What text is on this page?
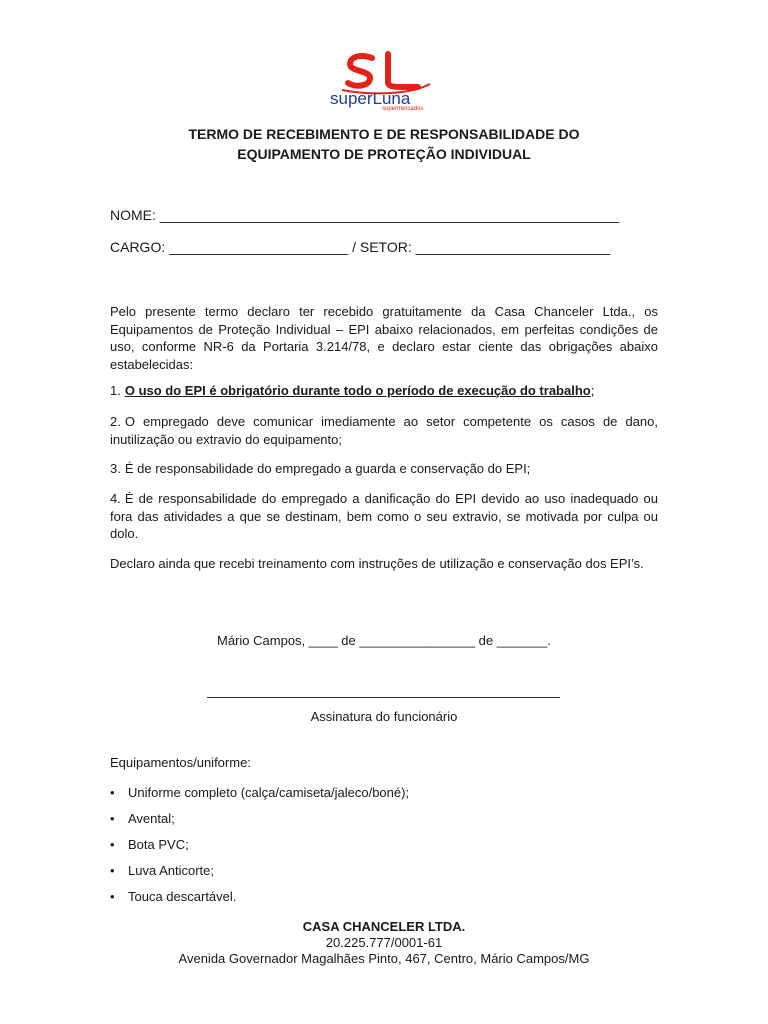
superLuna
supermercados
TERMO DE RECEBIMENTO E DE RESPONSABILIDADE DO
EQUIPAMENTO DE PROTEÇÃO INDIVIDUAL
NOME: ___________________________________________________________
CARGO: _______________________ / SETOR: _________________________
Pelo presente termo declaro ter recebido gratuitamente da Casa Chanceler Ltda., os Equipamentos de Proteção Individual – EPI abaixo relacionados, em perfeitas condições de uso, conforme NR-6 da Portaria 3.214/78, e declaro estar ciente das obrigações abaixo estabelecidas:
1. O uso do EPI é obrigatório durante todo o período de execução do trabalho;
2. O empregado deve comunicar imediamente ao setor competente os casos de dano, inutilização ou extravio do equipamento;
3. É de responsabilidade do empregado a guarda e conservação do EPI;
4. É de responsabilidade do empregado a danificação do EPI devido ao uso inadequado ou fora das atividades a que se destinam, bem como o seu extravio, se motivada por culpa ou dolo.
Declaro ainda que recebi treinamento com instruções de utilização e conservação dos EPI’s.
Mário Campos, ____ de ________________ de _______.
Assinatura do funcionário
Equipamentos/uniforme:
•	Uniforme completo (calça/camiseta/jaleco/boné);
•	Avental;
•	Bota PVC;
•	Luva Anticorte;
•	Touca descartável.
CASA CHANCELER LTDA.
20.225.777/0001-61
Avenida Governador Magalhães Pinto, 467, Centro, Mário Campos/MG
